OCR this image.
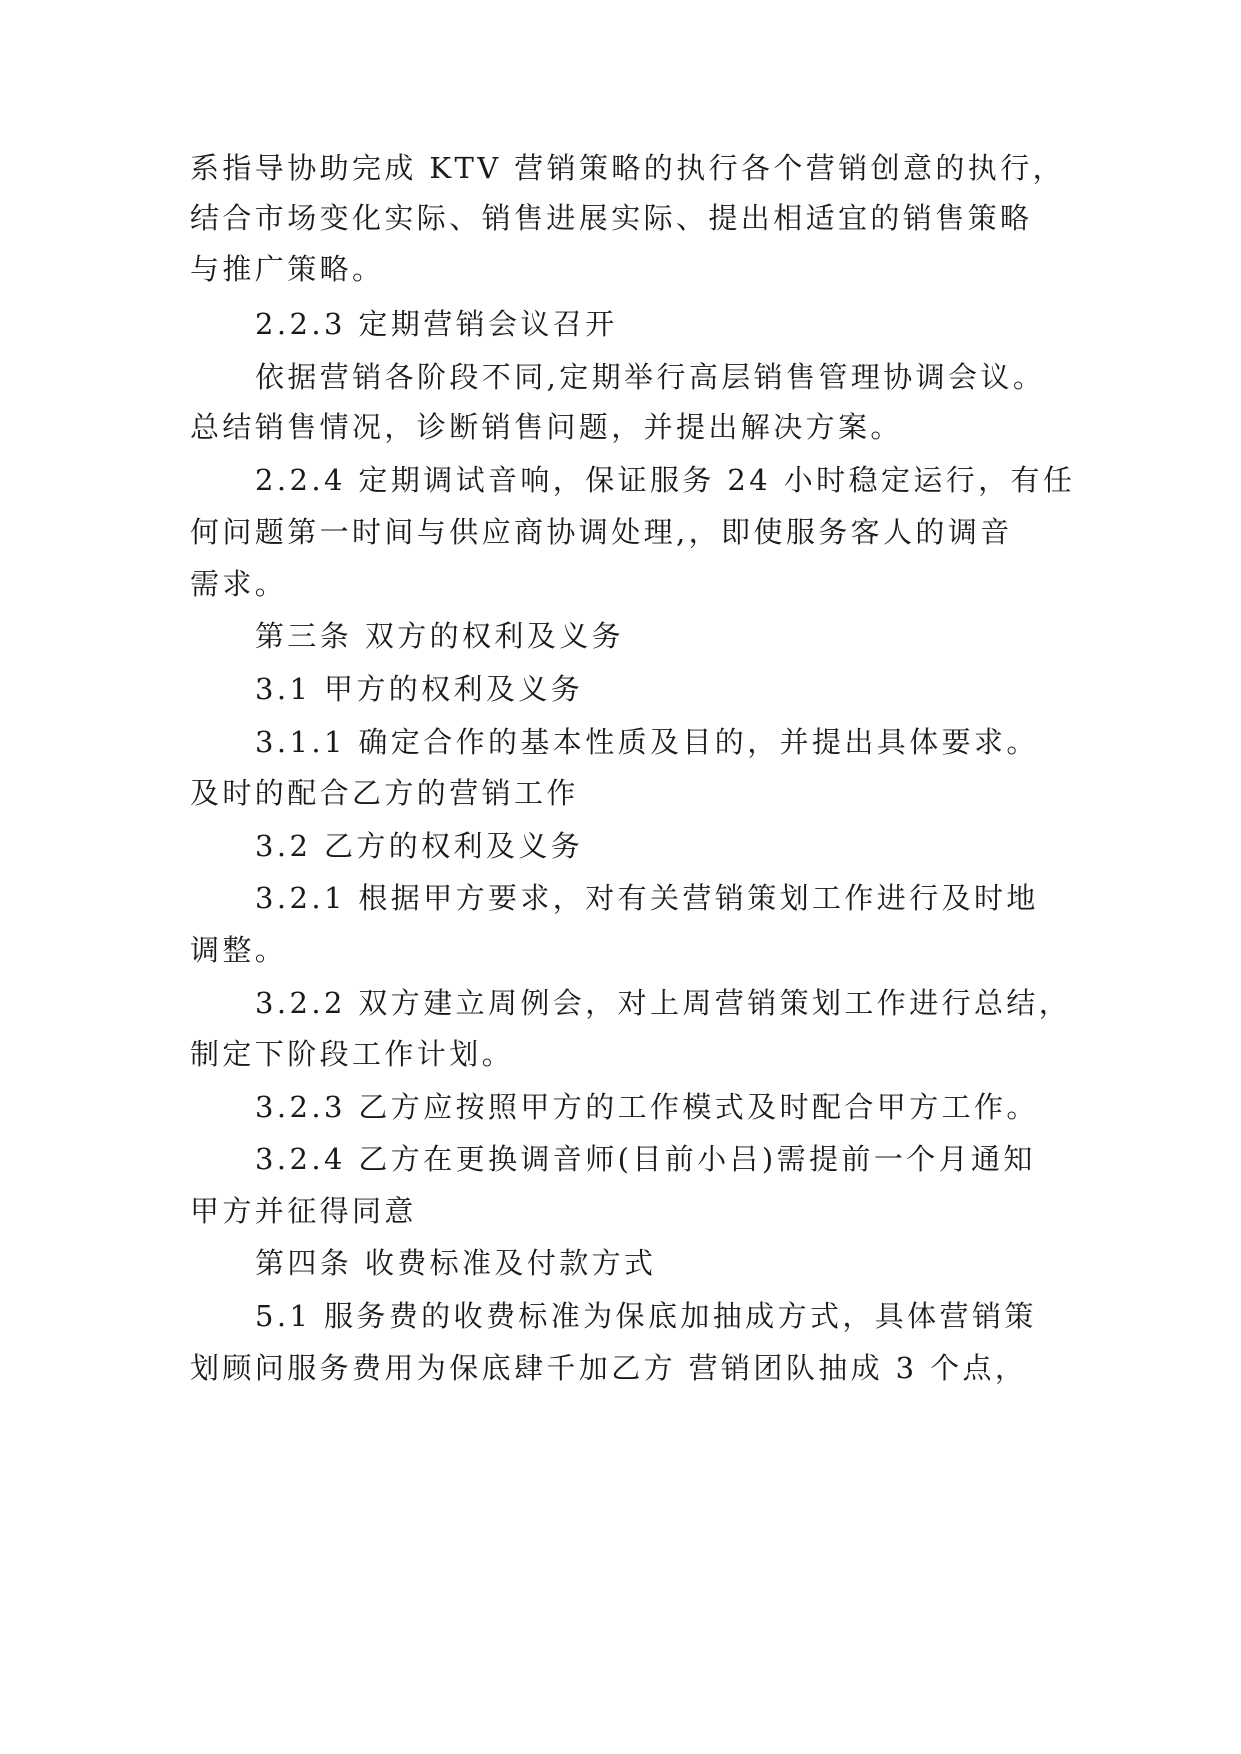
系指导协助完成 KTV 营销策略的执行各个营销创意的执行，
结合市场变化实际、销售进展实际、提出相适宜的销售策略
与推广策略。
2.2.3 定期营销会议召开
依据营销各阶段不同,定期举行高层销售管理协调会议。
总结销售情况，诊断销售问题，并提出解决方案。
2.2.4 定期调试音响，保证服务 24 小时稳定运行，有任
何问题第一时间与供应商协调处理,，即使服务客人的调音
需求。
第三条 双方的权利及义务
3.1 甲方的权利及义务
3.1.1 确定合作的基本性质及目的，并提出具体要求。
及时的配合乙方的营销工作
3.2 乙方的权利及义务
3.2.1 根据甲方要求，对有关营销策划工作进行及时地
调整。
3.2.2 双方建立周例会，对上周营销策划工作进行总结，
制定下阶段工作计划。
3.2.3 乙方应按照甲方的工作模式及时配合甲方工作。
3.2.4 乙方在更换调音师(目前小吕)需提前一个月通知
甲方并征得同意
第四条 收费标准及付款方式
5.1 服务费的收费标准为保底加抽成方式，具体营销策
划顾问服务费用为保底肆千加乙方 营销团队抽成 3 个点，
